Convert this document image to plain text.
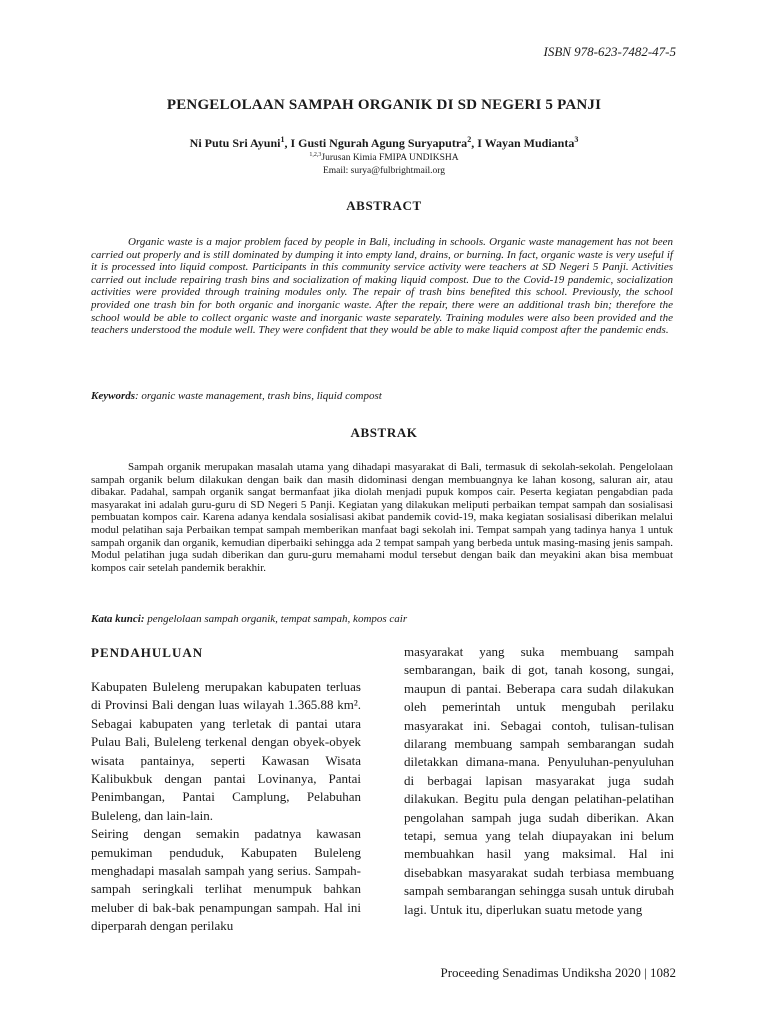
ISBN 978-623-7482-47-5
PENGELOLAAN SAMPAH ORGANIK DI SD NEGERI 5 PANJI
Ni Putu Sri Ayuni$^1$, I Gusti Ngurah Agung Suryaputra$^2$, I Wayan Mudianta$^3$
$^{1,2,3}$Jurusan Kimia FMIPA UNDIKSHA
Email: surya@fulbrightmail.org
ABSTRACT

Organic waste is a major problem faced by people in Bali, including in schools. Organic waste management has not been carried out properly and is still dominated by dumping it into empty land, drains, or burning. In fact, organic waste is very useful if it is processed into liquid compost. Participants in this community service activity were teachers at SD Negeri 5 Panji. Activities carried out include repairing trash bins and socialization of making liquid compost. Due to the Covid-19 pandemic, socialization activities were provided through training modules only. The repair of trash bins benefited this school. Previously, the school provided one trash bin for both organic and inorganic waste. After the repair, there were an additional trash bin; therefore the school would be able to collect organic waste and inorganic waste separately. Training modules were also been provided and the teachers understood the module well. They were confident that they would be able to make liquid compost after the pandemic ends.

Keywords: organic waste management, trash bins, liquid compost

ABSTRAK

Sampah organik merupakan masalah utama yang dihadapi masyarakat di Bali, termasuk di sekolah-sekolah. Pengelolaan sampah organik belum dilakukan dengan baik dan masih didominasi dengan membuangnya ke lahan kosong, saluran air, atau dibakar. Padahal, sampah organik sangat bermanfaat jika diolah menjadi pupuk kompos cair. Peserta kegiatan pengabdian pada masyarakat ini adalah guru-guru di SD Negeri 5 Panji. Kegiatan yang dilakukan meliputi perbaikan tempat sampah dan sosialisasi pembuatan kompos cair. Karena adanya kendala sosialisasi akibat pandemik covid-19, maka kegiatan sosialisasi diberikan melalui modul pelatihan saja Perbaikan tempat sampah memberikan manfaat bagi sekolah ini. Tempat sampah yang tadinya hanya 1 untuk sampah organik dan organik, kemudian diperbaiki sehingga ada 2 tempat sampah yang berbeda untuk masing-masing jenis sampah. Modul pelatihan juga sudah diberikan dan guru-guru memahami modul tersebut dengan baik dan meyakini akan bisa membuat kompos cair setelah pandemik berakhir.

Kata kunci: pengelolaan sampah organik, tempat sampah, kompos cair

PENDAHULUAN

Kabupaten Buleleng merupakan kabupaten terluas di Provinsi Bali dengan luas wilayah 1.365.88 km². Sebagai kabupaten yang terletak di pantai utara Pulau Bali, Buleleng terkenal dengan obyek-obyek wisata pantainya, seperti Kawasan Wisata Kalibukbuk dengan pantai Lovinanya, Pantai Penimbangan, Pantai Camplung, Pelabuhan Buleleng, dan lain-lain.

Seiring dengan semakin padatnya kawasan pemukiman penduduk, Kabupaten Buleleng menghadapi masalah sampah yang serius. Sampah-sampah seringkali terlihat menumpuk bahkan meluber di bak-bak penampungan sampah. Hal ini diperparah dengan perilaku

masyarakat yang suka membuang sampah sembarangan, baik di got, tanah kosong, sungai, maupun di pantai. Beberapa cara sudah dilakukan oleh pemerintah untuk mengubah perilaku masyarakat ini. Sebagai contoh, tulisan-tulisan dilarang membuang sampah sembarangan sudah diletakkan dimana-mana. Penyuluhan-penyuluhan di berbagai lapisan masyarakat juga sudah dilakukan. Begitu pula dengan pelatihan-pelatihan pengolahan sampah juga sudah diberikan. Akan tetapi, semua yang telah diupayakan ini belum membuahkan hasil yang maksimal. Hal ini disebabkan masyarakat sudah terbiasa membuang sampah sembarangan sehingga susah untuk dirubah lagi. Untuk itu, diperlukan suatu metode yang

Proceeding Senadimas Undiksha 2020 | 1082
